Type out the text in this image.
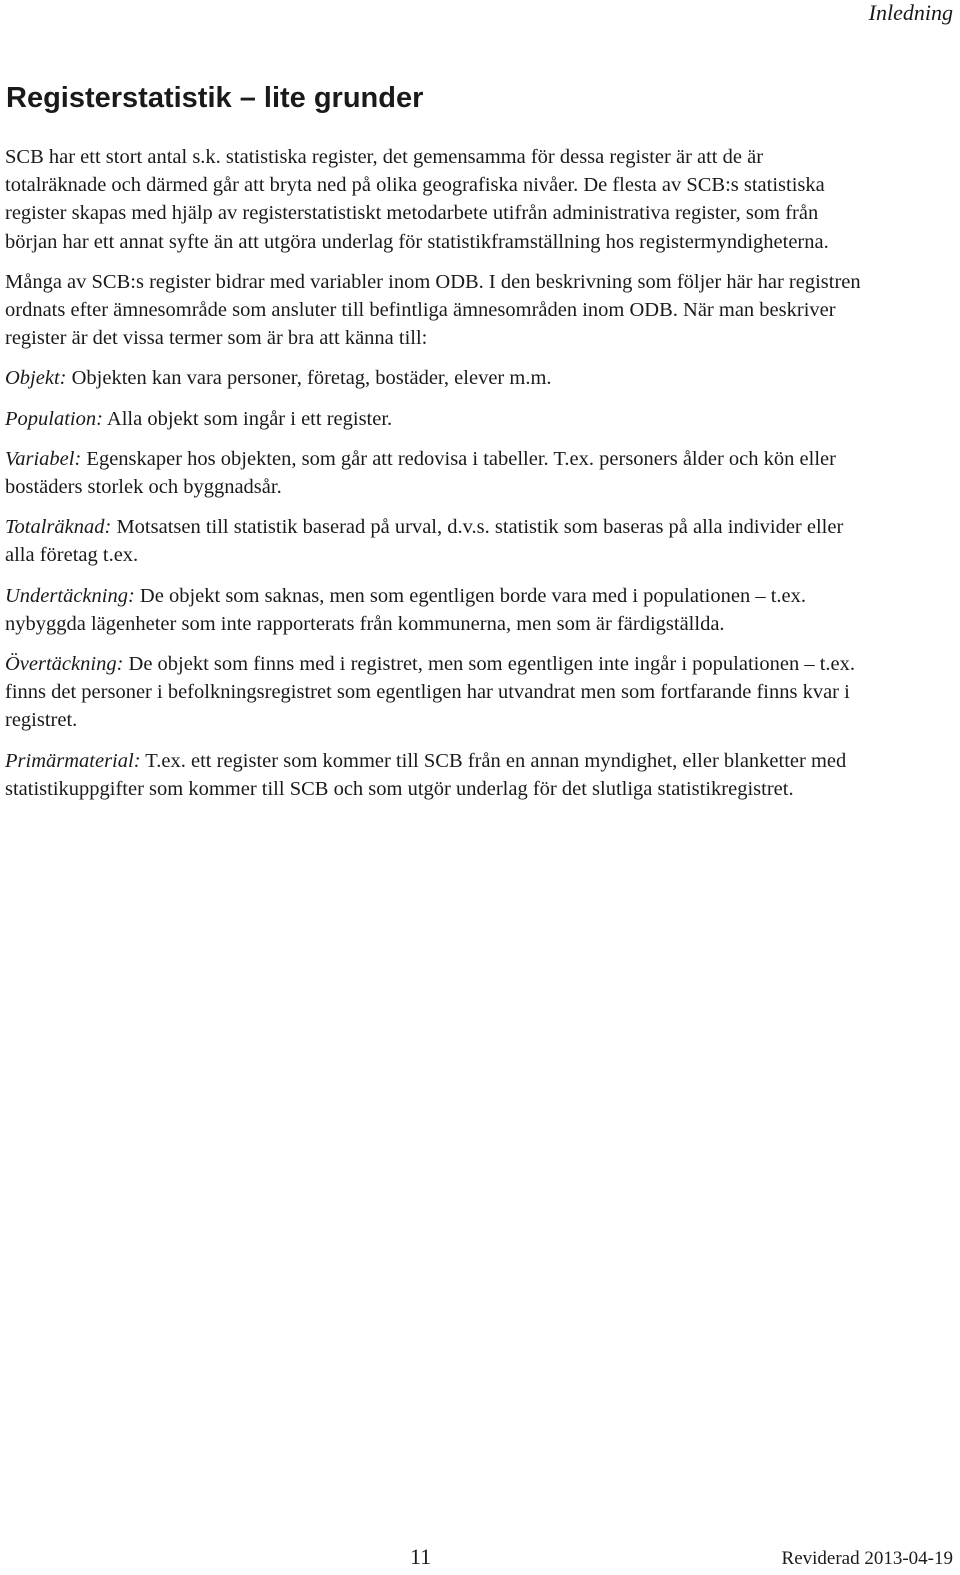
Inledning
Registerstatistik – lite grunder

SCB har ett stort antal s.k. statistiska register, det gemensamma för dessa register är att de är totalräknade och därmed går att bryta ned på olika geografiska nivåer. De flesta av SCB:s statistiska register skapas med hjälp av registerstatistiskt metodarbete utifrån administrativa register, som från början har ett annat syfte än att utgöra underlag för statistikframställning hos registermyndigheterna.

Många av SCB:s register bidrar med variabler inom ODB. I den beskrivning som följer här har registren ordnats efter ämnesområde som ansluter till befintliga ämnesområden inom ODB. När man beskriver register är det vissa termer som är bra att känna till:

Objekt: Objekten kan vara personer, företag, bostäder, elever m.m.

Population: Alla objekt som ingår i ett register.

Variabel: Egenskaper hos objekten, som går att redovisa i tabeller. T.ex. personers ålder och kön eller bostäders storlek och byggnadsår.

Totalräknad: Motsatsen till statistik baserad på urval, d.v.s. statistik som baseras på alla individer eller alla företag t.ex.

Undertäckning: De objekt som saknas, men som egentligen borde vara med i populationen – t.ex. nybyggda lägenheter som inte rapporterats från kommunerna, men som är färdigställda.

Övertäckning: De objekt som finns med i registret, men som egentligen inte ingår i populationen – t.ex. finns det personer i befolkningsregistret som egentligen har utvandrat men som fortfarande finns kvar i registret.

Primärmaterial: T.ex. ett register som kommer till SCB från en annan myndighet, eller blanketter med statistikuppgifter som kommer till SCB och som utgör underlag för det slutliga statistikregistret.

11	Reviderad 2013-04-19
